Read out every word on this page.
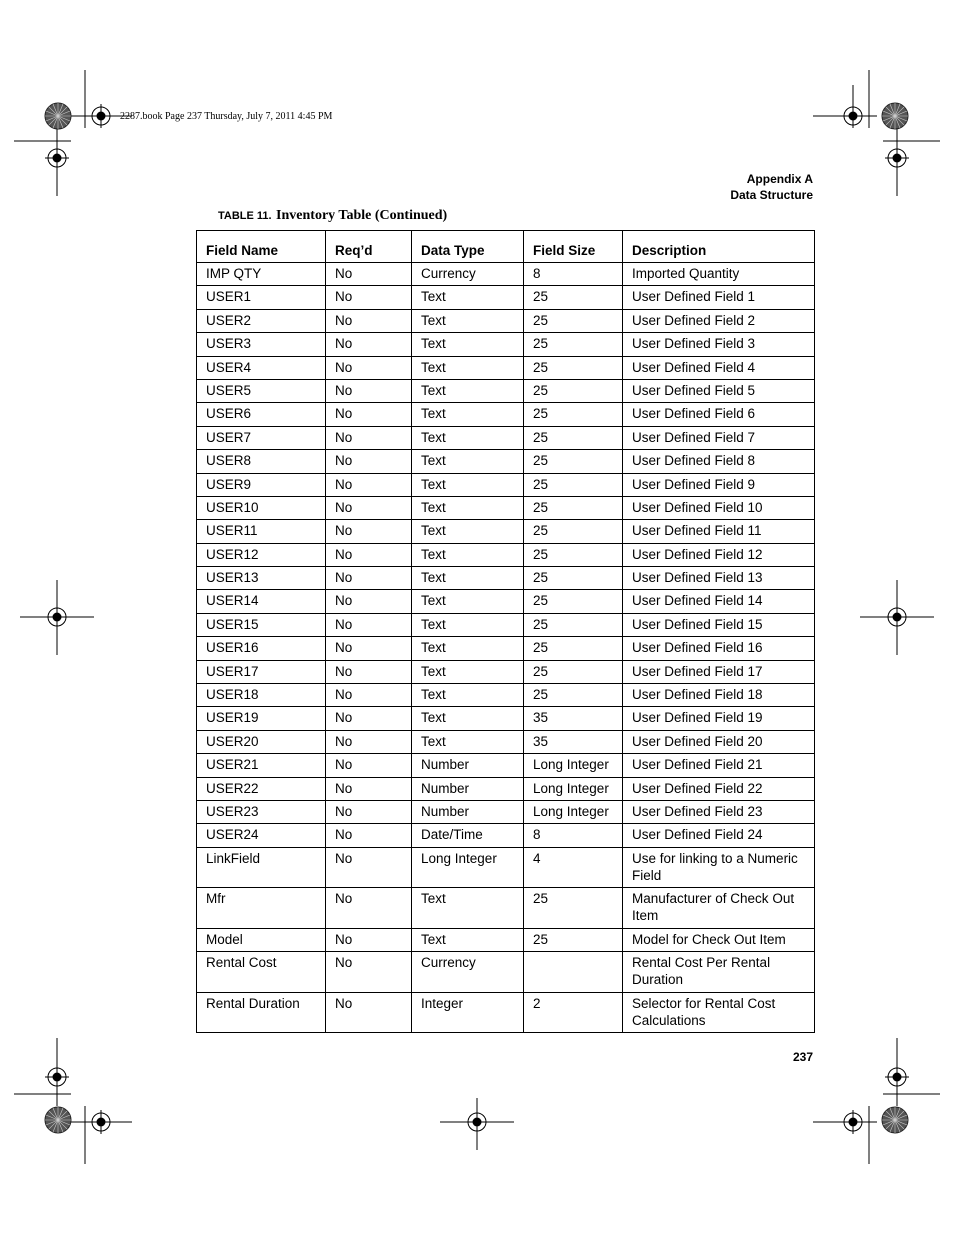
2287.book Page 237 Thursday, July 7, 2011 4:45 PM
Appendix A
Data Structure
TABLE 11. Inventory Table (Continued)
Field Name	Req’d	Data Type	Field Size	Description
IMP QTY	No	Currency	8	Imported Quantity
USER1	No	Text	25	User Defined Field 1
USER2	No	Text	25	User Defined Field 2
USER3	No	Text	25	User Defined Field 3
USER4	No	Text	25	User Defined Field 4
USER5	No	Text	25	User Defined Field 5
USER6	No	Text	25	User Defined Field 6
USER7	No	Text	25	User Defined Field 7
USER8	No	Text	25	User Defined Field 8
USER9	No	Text	25	User Defined Field 9
USER10	No	Text	25	User Defined Field 10
USER11	No	Text	25	User Defined Field 11
USER12	No	Text	25	User Defined Field 12
USER13	No	Text	25	User Defined Field 13
USER14	No	Text	25	User Defined Field 14
USER15	No	Text	25	User Defined Field 15
USER16	No	Text	25	User Defined Field 16
USER17	No	Text	25	User Defined Field 17
USER18	No	Text	25	User Defined Field 18
USER19	No	Text	35	User Defined Field 19
USER20	No	Text	35	User Defined Field 20
USER21	No	Number	Long Integer	User Defined Field 21
USER22	No	Number	Long Integer	User Defined Field 22
USER23	No	Number	Long Integer	User Defined Field 23
USER24	No	Date/Time	8	User Defined Field 24
LinkField	No	Long Integer	4	Use for linking to a Numeric Field
Mfr	No	Text	25	Manufacturer of Check Out Item
Model	No	Text	25	Model for Check Out Item
Rental Cost	No	Currency		Rental Cost Per Rental Duration
Rental Duration	No	Integer	2	Selector for Rental Cost Calculations
237
